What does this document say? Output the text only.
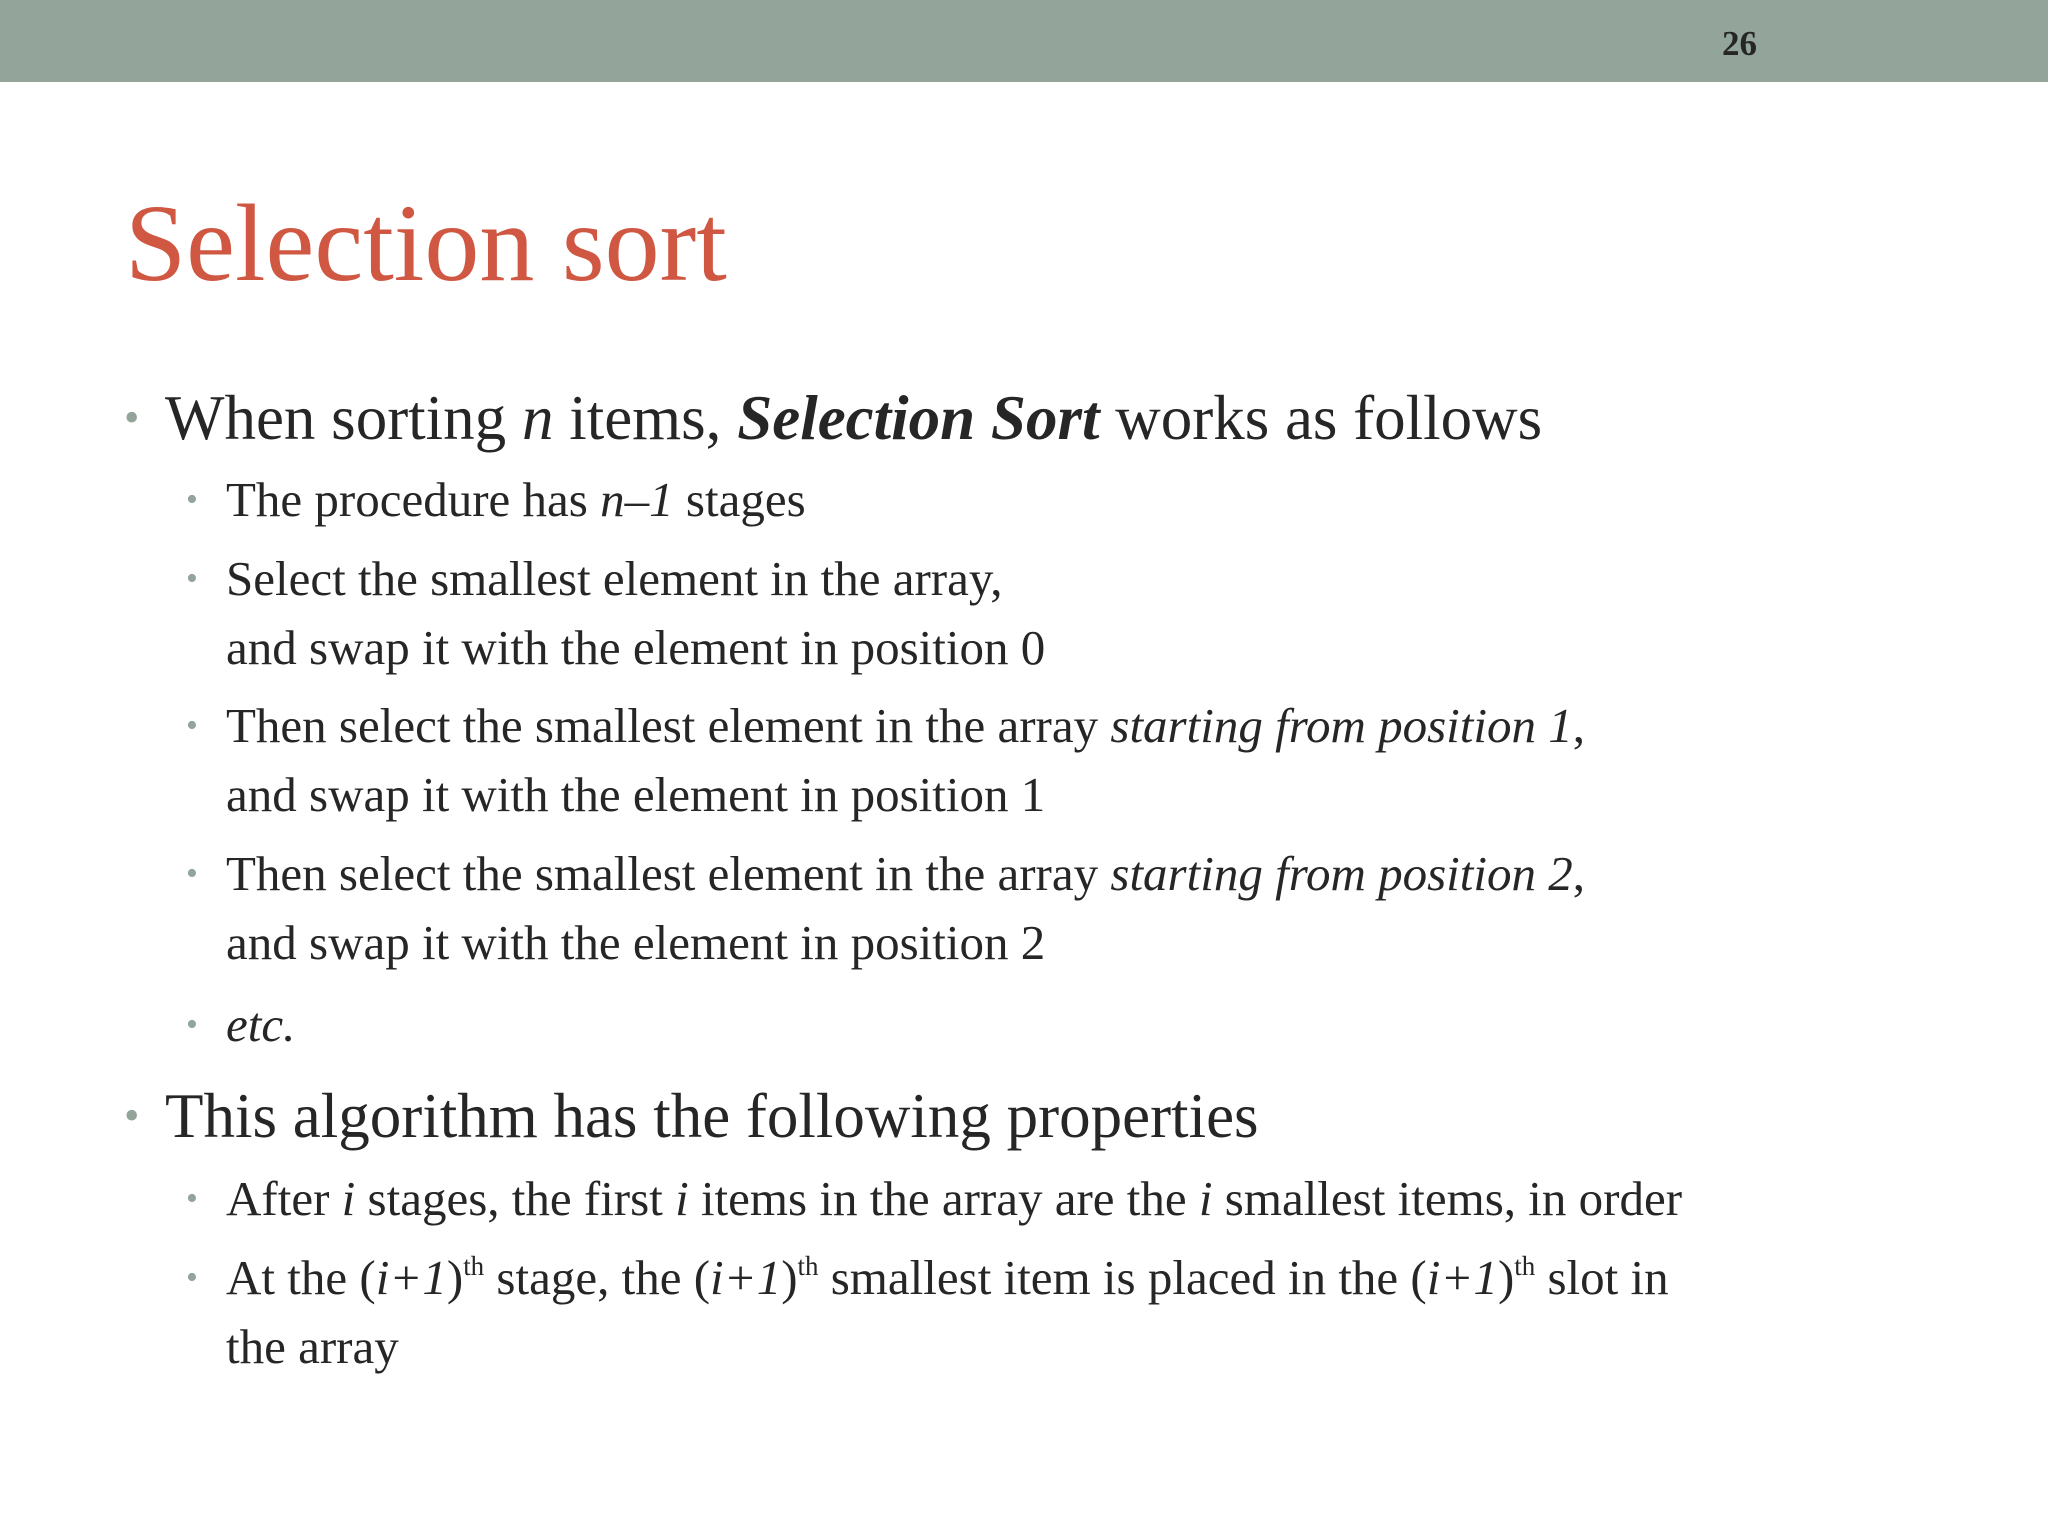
26
Selection sort
• When sorting n items, Selection Sort works as follows
• The procedure has n–1 stages
• Select the smallest element in the array,
and swap it with the element in position 0
• Then select the smallest element in the array starting from position 1,
and swap it with the element in position 1
• Then select the smallest element in the array starting from position 2,
and swap it with the element in position 2
• etc.
• This algorithm has the following properties
• After i stages, the first i items in the array are the i smallest items, in order
• At the $(i+1)^{th}$ stage, the $(i+1)^{th}$ smallest item is placed in the $(i+1)^{th}$ slot in
the array
